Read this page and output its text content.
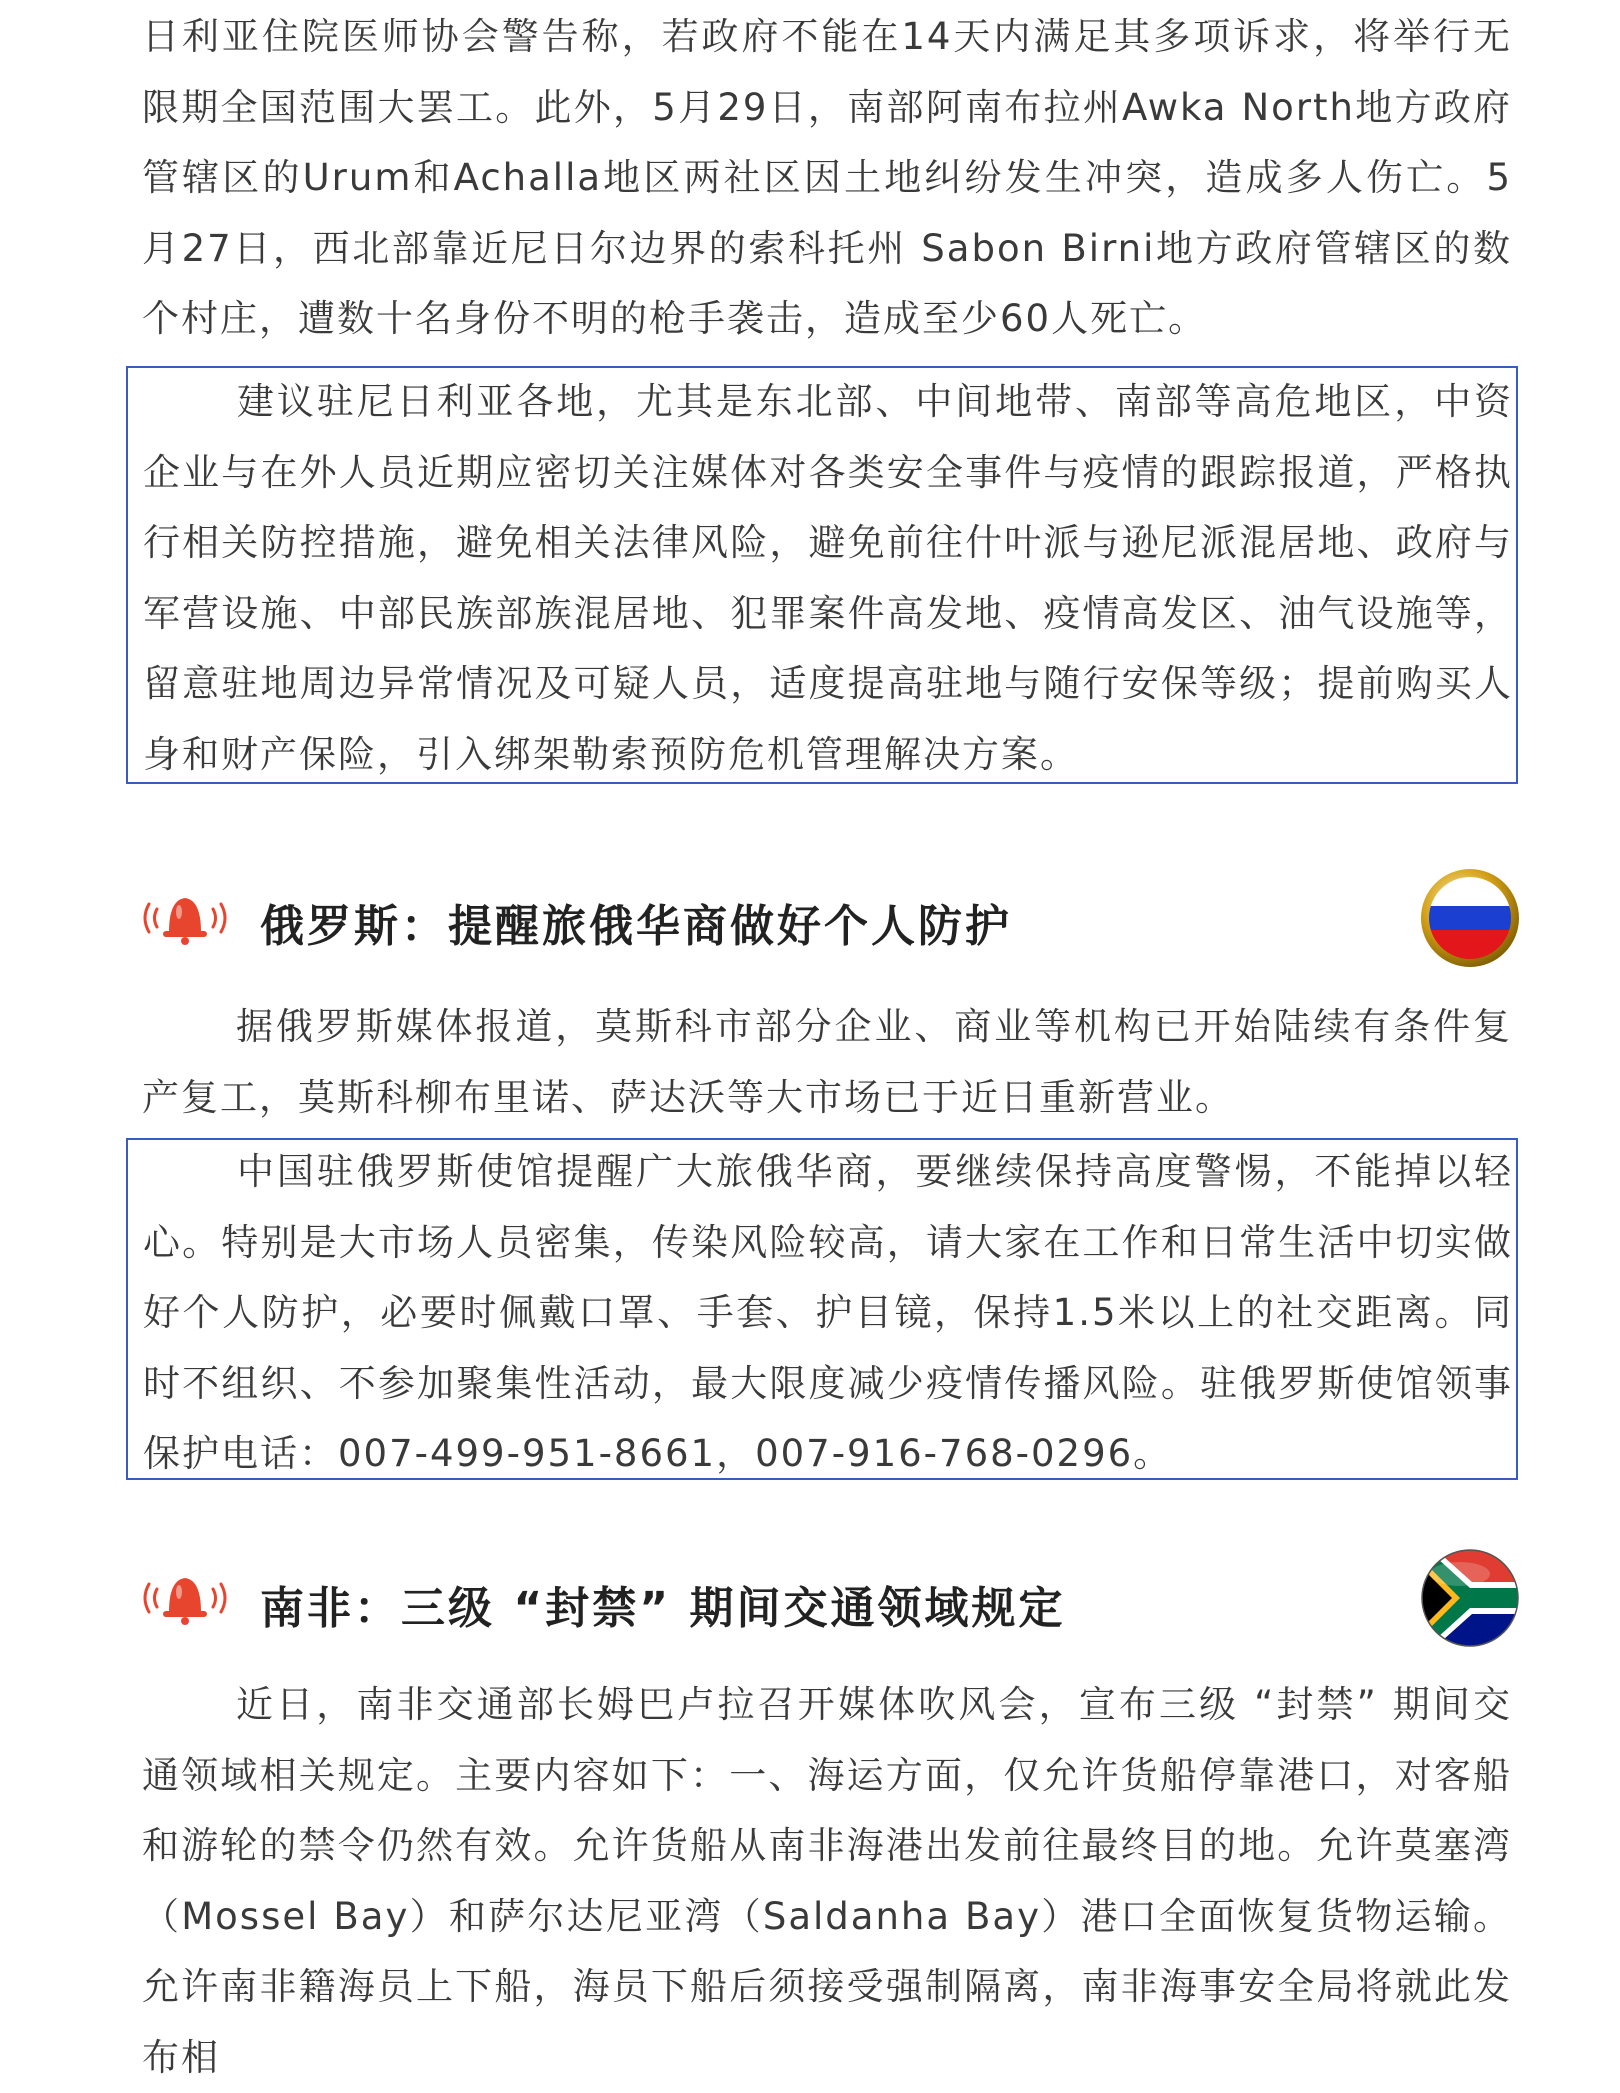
日利亚住院医师协会警告称，若政府不能在14天内满足其多项诉求，将举行无限期全国范围大罢工。此外，5月29日，南部阿南布拉州Awka North地方政府管辖区的Urum和Achalla地区两社区因土地纠纷发生冲突，造成多人伤亡。5月27日，西北部靠近尼日尔边界的索科托州 Sabon Birni地方政府管辖区的数个村庄，遭数十名身份不明的枪手袭击，造成至少60人死亡。

建议驻尼日利亚各地，尤其是东北部、中间地带、南部等高危地区，中资企业与在外人员近期应密切关注媒体对各类安全事件与疫情的跟踪报道，严格执行相关防控措施，避免相关法律风险，避免前往什叶派与逊尼派混居地、政府与军营设施、中部民族部族混居地、犯罪案件高发地、疫情高发区、油气设施等，留意驻地周边异常情况及可疑人员，适度提高驻地与随行安保等级；提前购买人身和财产保险，引入绑架勒索预防危机管理解决方案。

俄罗斯：提醒旅俄华商做好个人防护

据俄罗斯媒体报道，莫斯科市部分企业、商业等机构已开始陆续有条件复产复工，莫斯科柳布里诺、萨达沃等大市场已于近日重新营业。

中国驻俄罗斯使馆提醒广大旅俄华商，要继续保持高度警惕，不能掉以轻心。特别是大市场人员密集，传染风险较高，请大家在工作和日常生活中切实做好个人防护，必要时佩戴口罩、手套、护目镜，保持1.5米以上的社交距离。同时不组织、不参加聚集性活动，最大限度减少疫情传播风险。驻俄罗斯使馆领事保护电话：007-499-951-8661，007-916-768-0296。

南非：三级 “封禁” 期间交通领域规定

近日，南非交通部长姆巴卢拉召开媒体吹风会，宣布三级 “封禁” 期间交通领域相关规定。主要内容如下：一、海运方面，仅允许货船停靠港口，对客船和游轮的禁令仍然有效。允许货船从南非海港出发前往最终目的地。允许莫塞湾（Mossel Bay）和萨尔达尼亚湾（Saldanha Bay）港口全面恢复货物运输。允许南非籍海员上下船，海员下船后须接受强制隔离，南非海事安全局将就此发布相
